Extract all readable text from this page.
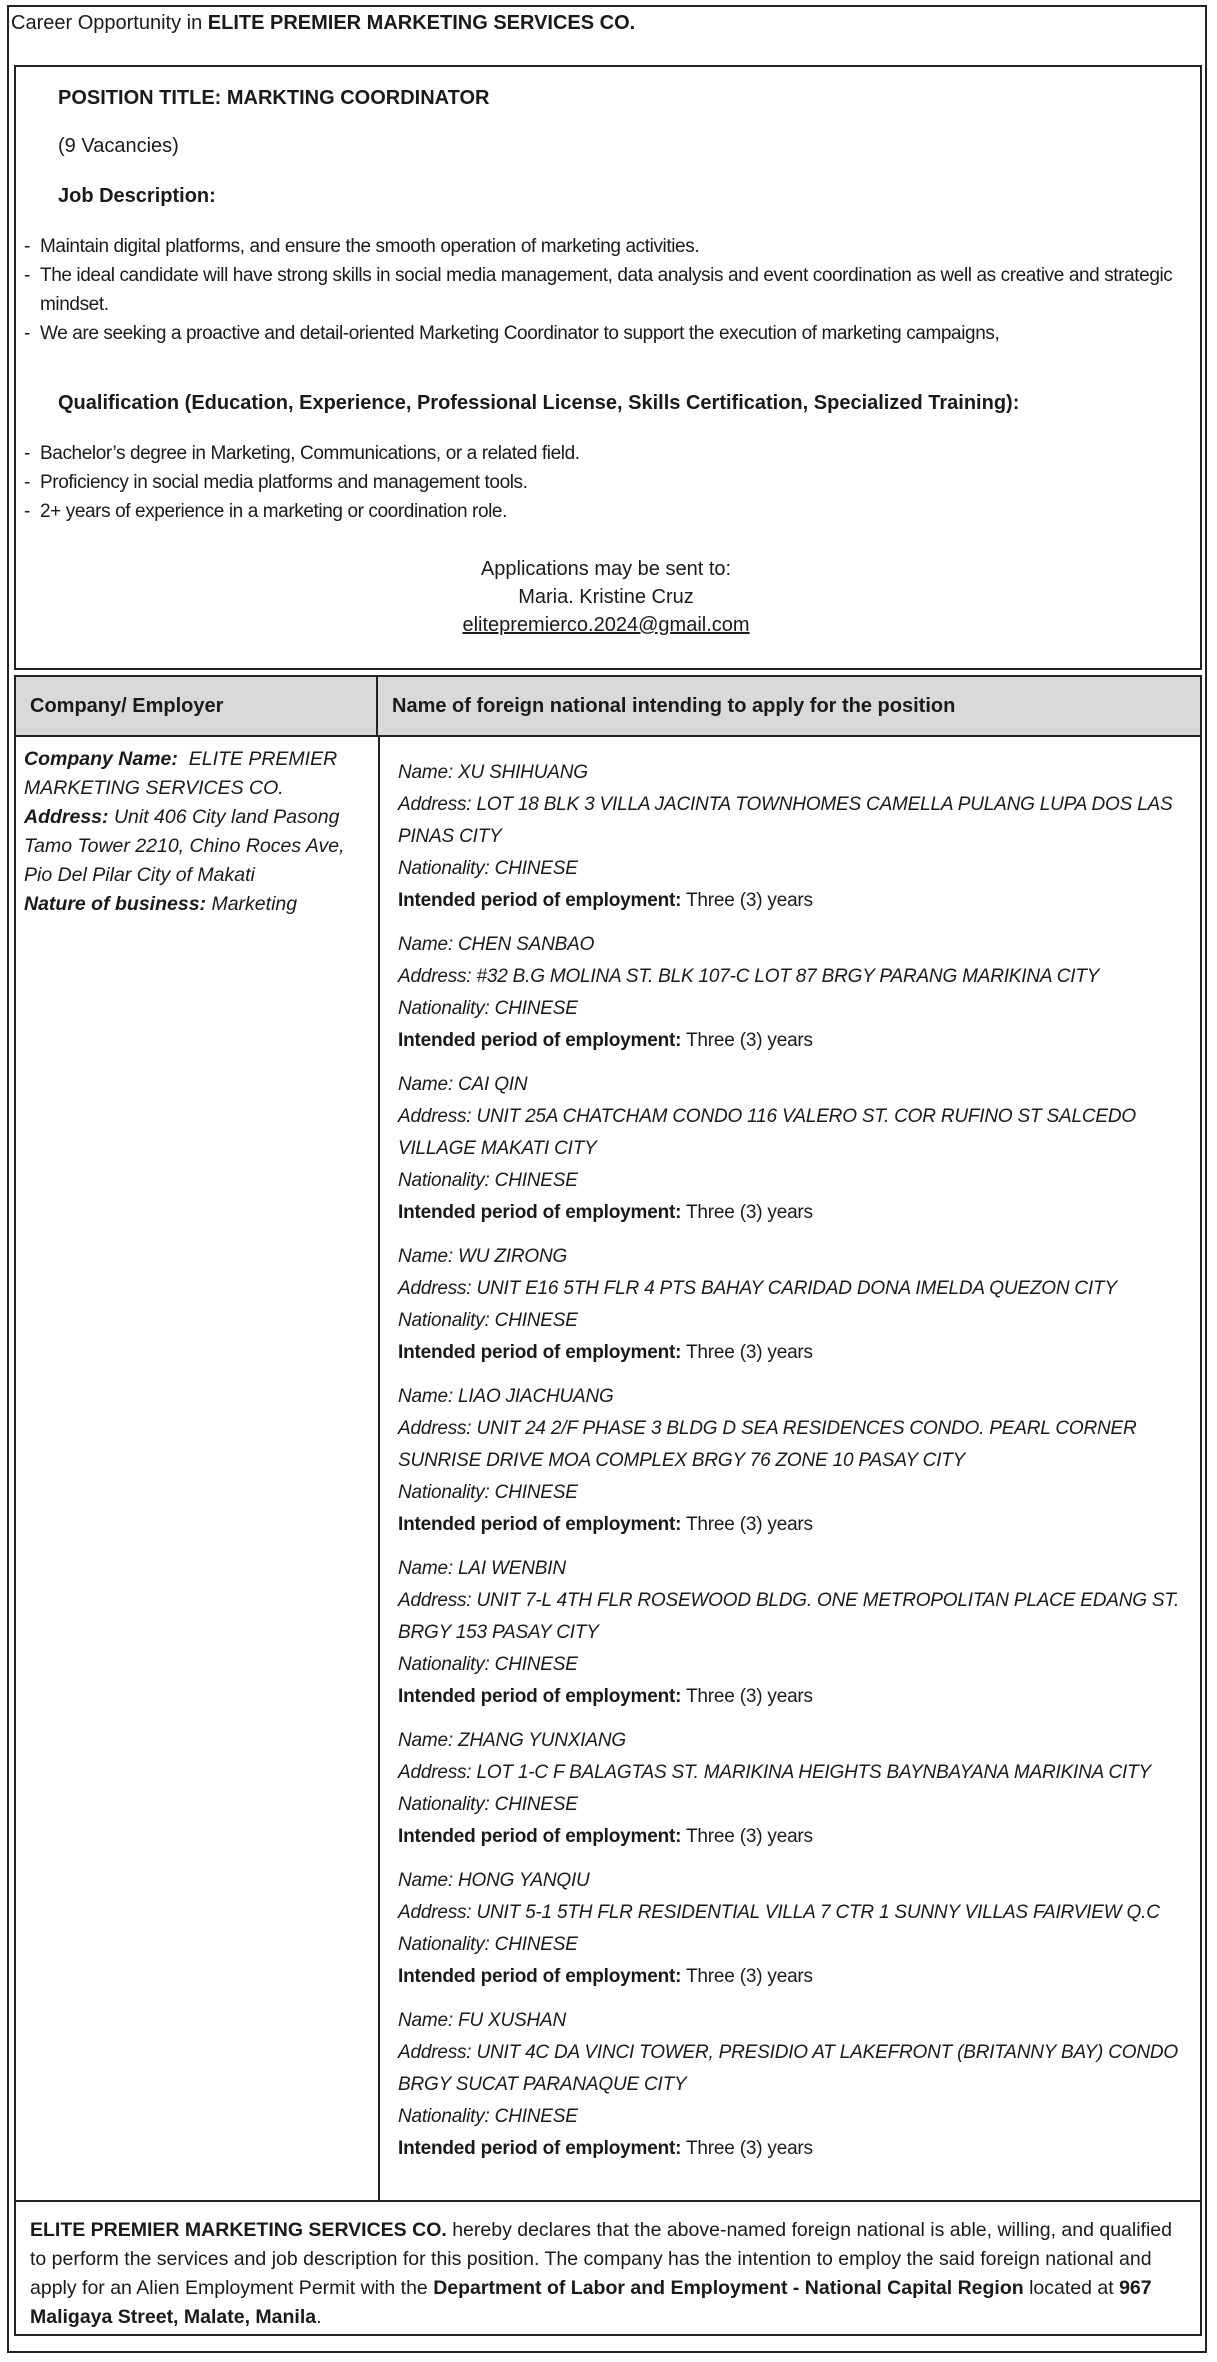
Career Opportunity in ELITE PREMIER MARKETING SERVICES CO.
POSITION TITLE: MARKTING COORDINATOR
(9 Vacancies)
Job Description:
- Maintain digital platforms, and ensure the smooth operation of marketing activities.
- The ideal candidate will have strong skills in social media management, data analysis and event coordination as well as creative and strategic mindset.
- We are seeking a proactive and detail-oriented Marketing Coordinator to support the execution of marketing campaigns,
Qualification (Education, Experience, Professional License, Skills Certification, Specialized Training):
- Bachelor’s degree in Marketing, Communications, or a related field.
- Proficiency in social media platforms and management tools.
- 2+ years of experience in a marketing or coordination role.
Applications may be sent to:
Maria. Kristine Cruz
elitepremierco.2024@gmail.com
Company/ Employer	Name of foreign national intending to apply for the position
Company Name: ELITE PREMIER MARKETING SERVICES CO.
Address: Unit 406 City land Pasong Tamo Tower 2210, Chino Roces Ave, Pio Del Pilar City of Makati
Nature of business: Marketing
Name: XU SHIHUANG
Address: LOT 18 BLK 3 VILLA JACINTA TOWNHOMES CAMELLA PULANG LUPA DOS LAS PINAS CITY
Nationality: CHINESE
Intended period of employment: Three (3) years
Name: CHEN SANBAO
Address: #32 B.G MOLINA ST. BLK 107-C LOT 87 BRGY PARANG MARIKINA CITY
Nationality: CHINESE
Intended period of employment: Three (3) years
Name: CAI QIN
Address: UNIT 25A CHATCHAM CONDO 116 VALERO ST. COR RUFINO ST SALCEDO VILLAGE MAKATI CITY
Nationality: CHINESE
Intended period of employment: Three (3) years
Name: WU ZIRONG
Address: UNIT E16 5TH FLR 4 PTS BAHAY CARIDAD DONA IMELDA QUEZON CITY
Nationality: CHINESE
Intended period of employment: Three (3) years
Name: LIAO JIACHUANG
Address: UNIT 24 2/F PHASE 3 BLDG D SEA RESIDENCES CONDO. PEARL CORNER SUNRISE DRIVE MOA COMPLEX BRGY 76 ZONE 10 PASAY CITY
Nationality: CHINESE
Intended period of employment: Three (3) years
Name: LAI WENBIN
Address: UNIT 7-L 4TH FLR ROSEWOOD BLDG. ONE METROPOLITAN PLACE EDANG ST. BRGY 153 PASAY CITY
Nationality: CHINESE
Intended period of employment: Three (3) years
Name: ZHANG YUNXIANG
Address: LOT 1-C F BALAGTAS ST. MARIKINA HEIGHTS BAYNBAYANA MARIKINA CITY
Nationality: CHINESE
Intended period of employment: Three (3) years
Name: HONG YANQIU
Address: UNIT 5-1 5TH FLR RESIDENTIAL VILLA 7 CTR 1 SUNNY VILLAS FAIRVIEW Q.C
Nationality: CHINESE
Intended period of employment: Three (3) years
Name: FU XUSHAN
Address: UNIT 4C DA VINCI TOWER, PRESIDIO AT LAKEFRONT (BRITANNY BAY) CONDO BRGY SUCAT PARANAQUE CITY
Nationality: CHINESE
Intended period of employment: Three (3) years
ELITE PREMIER MARKETING SERVICES CO. hereby declares that the above-named foreign national is able, willing, and qualified to perform the services and job description for this position. The company has the intention to employ the said foreign national and apply for an Alien Employment Permit with the Department of Labor and Employment - National Capital Region located at 967 Maligaya Street, Malate, Manila.
